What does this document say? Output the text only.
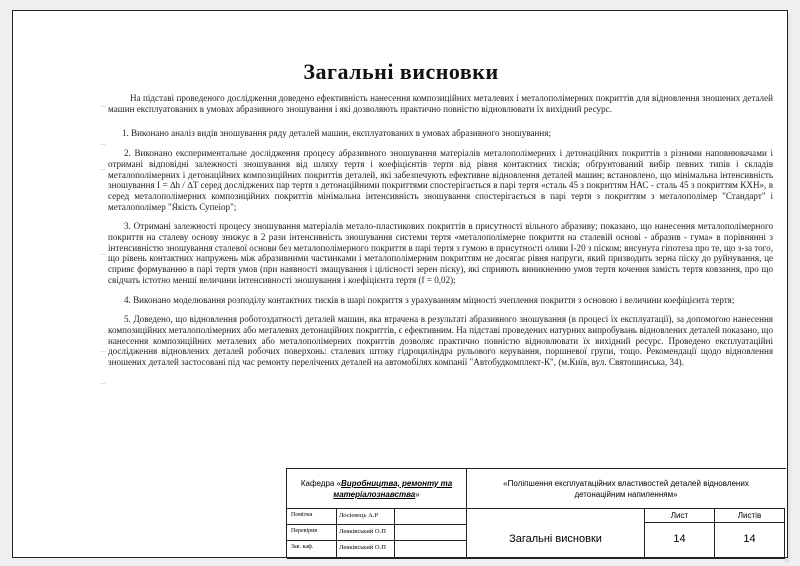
Загальні висновки

На підставі проведеного дослідження доведено ефективність нанесення композиційних металевих і металополімерних покриттів для відновлення зношених деталей машин експлуатованих в умовах абразивного зношування і які дозволяють практично повністю відновлювати їх вихідний ресурс.

1. Виконано аналіз видів зношування ряду деталей машин, експлуатованих в умовах абразивного зношування;

2. Виконано експериментальне дослідження процесу абразивного зношування матеріалів металополімерних і детонаційних покриттів з різними наповнювачами і отримані відповідні залежності зношування від шляху тертя і коефіцієнтів тертя від рівня контактних тисків; обґрунтований вибір певних типів і складів металополімерних і детонаційних композиційних покриттів деталей, які забезпечують ефективне відновлення деталей машин; встановлено, що мінімальна інтенсивність зношування I = ∆h / ∆T серед досліджених пар тертя з детонаційними покриттями спостерігається в парі тертя «сталь 45 з покриттям НАС - сталь 45 з покриттям КХН», в серед металополімерних композиційних покриттів мінімальна інтенсивність зношування спостерігається в парі тертя з покриттям з металополімер "Стандарт" і металополімер "Якість Супеіор";

3. Отримані залежності процесу зношування матеріалів метало-пластикових покриттів в присутності вільного абразиву; показано, що нанесення металополімерного покриття на сталеву основу знижує в 2 рази інтенсивність зношування системи тертя «металополімерне покриття на сталевій основі - абразив - гума» в порівнянні з інтенсивністю зношування сталевої основи без металополімерного покриття в парі тертя з гумою в присутності оливи І-20 з піском; висунута гіпотеза про те, що з-за того, що рівень контактних напружень між абразивними частинками і металополімерним покриттям не досягає рівня напруги, який призводить зерна піску до руйнування, це сприяє формуванню в парі тертя умов (при наявності змащування і цілісності зерен піску), які сприяють виникненню умов тертя кочення замість тертя ковзання, про що свідчать істотно менші величини інтенсивності зношування і коефіцієнта тертя (f = 0,02);

4. Виконано моделювання розподілу контактних тисків в шарі покриття з урахуванням міцності зчеплення покриття з основою і величини коефіцієнта тертя;

5. Доведено, що відновлення роботоздатності деталей машин, яка втрачена в результаті абразивного зношування (в процесі їх експлуатації), за допомогою нанесення композиційних металополімерних або металевих детонаційних покриттів, є ефективним. На підставі проведених натурних випробувань відновлених деталей показано, що нанесення композиційних металевих або металополімерних покриттів дозволяє практично повністю відновлювати їх вихідний ресурс. Проведено експлуатаційні дослідження відновлених деталей робочих поверхонь: сталевих штоку гідроциліндра рульового керування, поршневої групи, тощо. Рекомендації щодо відновлення зношених деталей застосовані під час ремонту перелічених деталей на автомобілях компанії "Автобудкомплект-К", (м.Київ, вул. Святошинська, 34).

–
–
–
–
–
–
Кафедра «Виробництва, ремонту та матеріалознавства»
«Поліпшення експлуатаційних властивостей деталей відновлених детонаційним напиленням»
Помітки	Лосієвець А.Р
Перевірив	Левківський О.П
Зав. каф.	Левківський О.П
Загальні висновки
Лист	Листів
14	14
